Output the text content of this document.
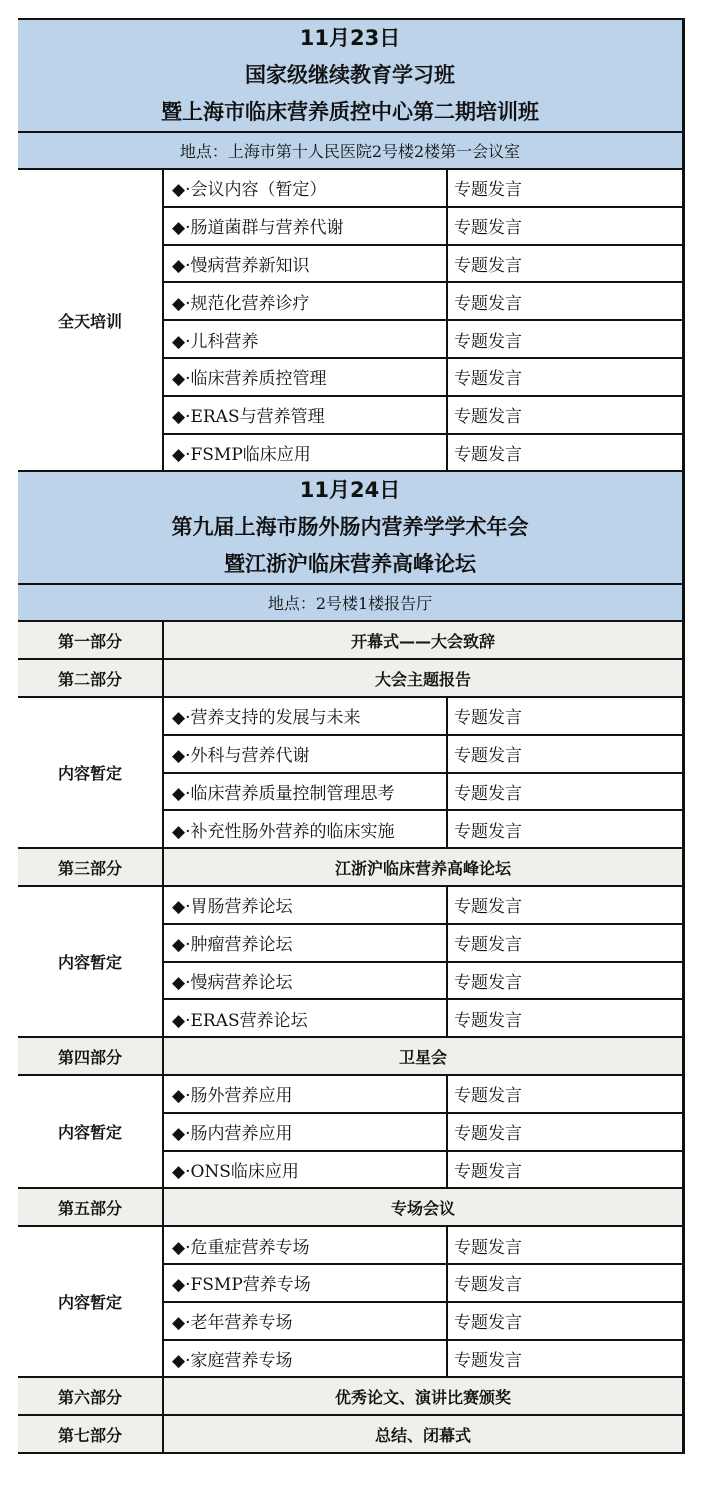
11月23日
国家级继续教育学习班
暨上海市临床营养质控中心第二期培训班		

地点：上海市第十人民医院2号楼2楼第一会议室		
全天培训	◆·会议内容（暂定）	专题发言
	◆·肠道菌群与营养代谢	专题发言
	◆·慢病营养新知识	专题发言
	◆·规范化营养诊疗	专题发言
	◆·儿科营养	专题发言
	◆·临床营养质控管理	专题发言
	◆·ERAS与营养管理	专题发言
	◆·FSMP临床应用	专题发言

11月24日
第九届上海市肠外肠内营养学学术年会
暨江浙沪临床营养高峰论坛		

地点：2号楼1楼报告厅		
第一部分	开幕式——大会致辞	
第二部分	大会主题报告	
内容暂定	◆·营养支持的发展与未来	专题发言
	◆·外科与营养代谢	专题发言
	◆·临床营养质量控制管理思考	专题发言
	◆·补充性肠外营养的临床实施	专题发言
第三部分	江浙沪临床营养高峰论坛	
内容暂定	◆·胃肠营养论坛	专题发言
	◆·肿瘤营养论坛	专题发言
	◆·慢病营养论坛	专题发言
	◆·ERAS营养论坛	专题发言
第四部分	卫星会	
内容暂定	◆·肠外营养应用	专题发言
	◆·肠内营养应用	专题发言
	◆·ONS临床应用	专题发言
第五部分	专场会议	
内容暂定	◆·危重症营养专场	专题发言
	◆·FSMP营养专场	专题发言
	◆·老年营养专场	专题发言
	◆·家庭营养专场	专题发言
第六部分	优秀论文、演讲比赛颁奖	
第七部分	总结、闭幕式	
